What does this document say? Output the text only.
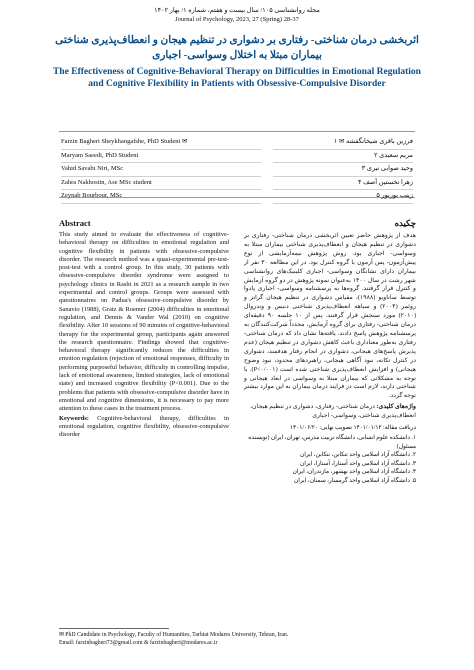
مجله روانشناسی ۱۰۵/ سال بیست و هفتم، شماره ۱/ بهار ۱۴۰۲
Journal of Psychology, 2023, 27 (Spring) 28-37
اثربخشی درمان شناختی- رفتاری بر دشواری در تنظیم هیجان و انعطاف‌پذیری شناختی
بیماران مبتلا به اختلال وسواسی- اجباری
The Effectiveness of Cognitive-Behavioral Therapy on Difficulties in Emotional Regulation
and Cognitive Flexibility in Patients with Obsessive-Compulsive Disorder
Farzin Bagheri Sheykhangafshe, PhD Student ✉
Maryam Saeedi, PhD Student
Vahid Savabi Niri, MSc
Zahra Nakhostin, Ase MSc student
Zeynab Bourbour, MSc
فرزین باقری شیخانگفشه ✉ ۱
مریم سعیدی ۲
وحید صوابی نیری ۳
زهرا نخستین آصف ۴
زینب بوربور ۵
Abstract

This study aimed to evaluate the effectiveness of cognitive-behavioral therapy on difficulties in emotional regulation and cognitive flexibility in patients with obsessive-compulsive disorder. The research method was a quasi-experimental pre-test-post-test with a control group. In this study, 30 patients with obsessive-compulsive disorder syndrome were assigned to psychology clinics in Rasht in 2021 as a research sample in two experimental and control groups. Groups were assessed with questionnaires on Padua's obsessive-compulsive disorder by Sanavio (1988), Gratz & Roemer (2004) difficulties in emotional regulation, and Dennis & Vander Wal (2010) on cognitive flexibility. After 10 sessions of 90 minutes of cognitive-behavioral therapy for the experimental group, participants again answered the research questionnaire. Findings showed that cognitive-behavioral therapy significantly reduces the difficulties in emotion regulation (rejection of emotional responses, difficulty in performing purposeful behavior, difficulty in controlling impulse, lack of emotional awareness, limited strategies, lack of emotional state) and increased cognitive flexibility (P<0.001). Due to the problems that patients with obsessive-compulsive disorder have in emotional and cognitive dimensions, it is necessary to pay more attention to these cases in the treatment process.

Keywords: Cognitive-behavioral therapy, difficulties in emotional regulation, cognitive flexibility, obsessive-compulsive disorder

چکیده

هدف از پژوهش حاضر تعیین اثربخشی درمان شناختی- رفتاری بر دشواری در تنظیم هیجان و انعطاف‌پذیری شناختی بیماران مبتلا به وسواسی- اجباری بود. روش پژوهش نیمه‌آزمایشی از نوع پیش‌آزمون- پس آزمون با گروه کنترل بود. در این مطالعه ۳۰ نفر از بیماران دارای نشانگان وسواسی- اجباری کلینیک‌های روانشناسی شهر رشت در سال ۱۴۰۰ به‌عنوان نمونه پژوهش در دو گروه آزمایش و کنترل قرار گرفتند. گروه‌ها به پرسشنامه وسواسی- اجباری پادوا توسط ساناویو (۱۹۸۸)، مقیاس دشواری در تنظیم هیجان گراتز و روئمر (۲۰۰۴) و سیاهه انعطاف‌پذیری شناختی دنیس و وندروال (۲۰۱۰) مورد سنجش قرار گرفتند. پس از ۱۰ جلسه ۹۰ دقیقه‌ای درمان شناختی- رفتاری برای گروه آزمایش، مجدداً شرکت‌کنندگان به پرسشنامه پژوهش پاسخ دادند. یافته‌ها نشان داد که درمان شناختی- رفتاری به‌طور معناداری باعث کاهش دشواری در تنظیم هیجان (عدم پذیرش پاسخ‌های هیجانی، دشواری در انجام رفتار هدفمند، دشواری در کنترل تکانه، نبود آگاهی هیجانی، راهبردهای محدود، نبود وضوح هیجانی) و افزایش انعطاف‌پذیری شناختی شده است (P<۰/۰۰۱). با توجه به مشکلاتی که بیماران مبتلا به وسواسی در ابعاد هیجانی و شناختی دارند، لازم است در فرایند درمان بیماران به این موارد بیشتر توجه گردد.

واژه‌های کلیدی: درمان شناختی- رفتاری، دشواری در تنظیم هیجان، انعطاف‌پذیری شناختی، وسواسی- اجباری

دریافت مقاله: ۱۴۰۱/۰۱/۱۲ تصویب نهایی: ۱۴۰۱/۰۶/۲۰
۱. دانشکده علوم انسانی، دانشگاه تربیت مدرس، تهران، ایران (نویسنده مسئول)
۲. دانشگاه آزاد اسلامی واحد تنکابن، تنکابن، ایران
۳. دانشگاه آزاد اسلامی واحد آستارا، آستارا، ایران
۴. دانشگاه آزاد اسلامی واحد بهشهر، مازندران، ایران
۵. دانشگاه آزاد اسلامی واحد گرمسار، سمنان، ایران
✉ PhD Candidate in Psychology, Faculty of Humanities, Tarbiat Modares University, Tehran, Iran.
Email: farzinbagheri73@gmail.com & farzinbagheri@modares.ac.ir
